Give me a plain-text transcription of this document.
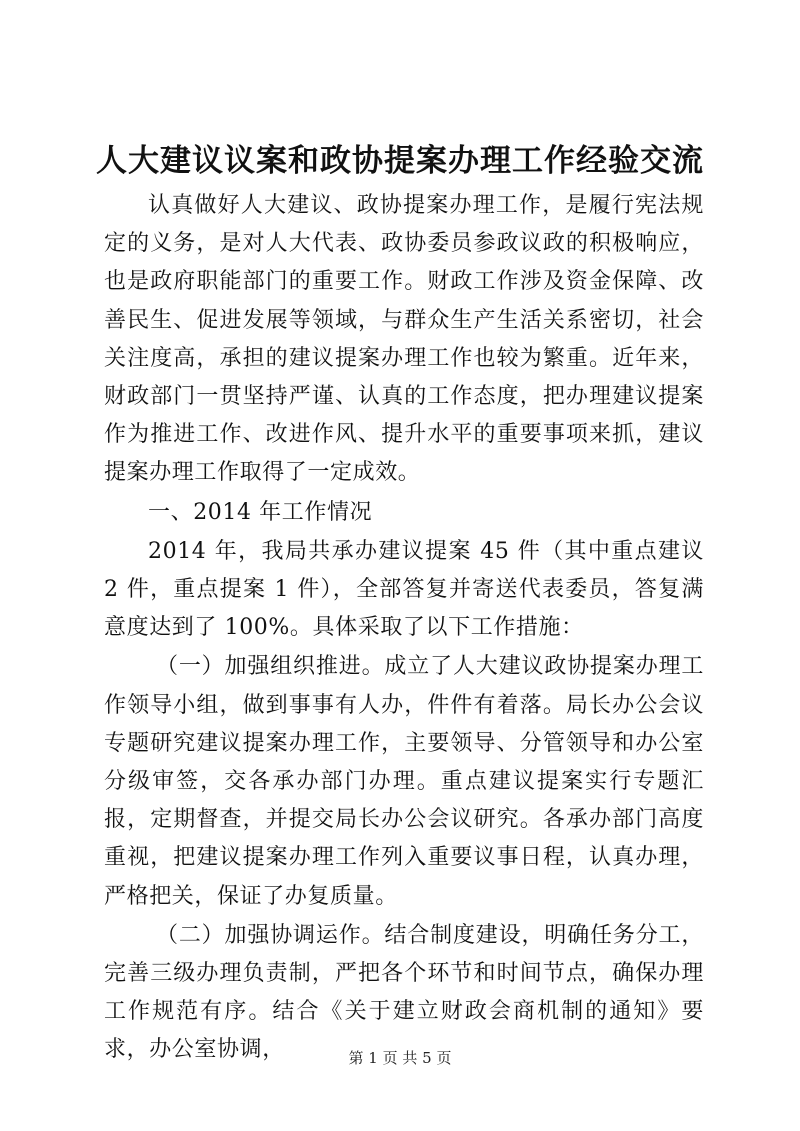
人大建议议案和政协提案办理工作经验交流

认真做好人大建议、政协提案办理工作，是履行宪法规定的义务，是对人大代表、政协委员参政议政的积极响应，也是政府职能部门的重要工作。财政工作涉及资金保障、改善民生、促进发展等领域，与群众生产生活关系密切，社会关注度高，承担的建议提案办理工作也较为繁重。近年来，财政部门一贯坚持严谨、认真的工作态度，把办理建议提案作为推进工作、改进作风、提升水平的重要事项来抓，建议提案办理工作取得了一定成效。

一、2014 年工作情况

2014 年，我局共承办建议提案 45 件（其中重点建议 2 件，重点提案 1 件），全部答复并寄送代表委员，答复满意度达到了 100%。具体采取了以下工作措施：

（一）加强组织推进。成立了人大建议政协提案办理工作领导小组，做到事事有人办，件件有着落。局长办公会议专题研究建议提案办理工作，主要领导、分管领导和办公室分级审签，交各承办部门办理。重点建议提案实行专题汇报，定期督查，并提交局长办公会议研究。各承办部门高度重视，把建议提案办理工作列入重要议事日程，认真办理，严格把关，保证了办复质量。

（二）加强协调运作。结合制度建设，明确任务分工，完善三级办理负责制，严把各个环节和时间节点，确保办理工作规范有序。结合《关于建立财政会商机制的通知》要求，办公室协调，	第 1 页 共 5 页
